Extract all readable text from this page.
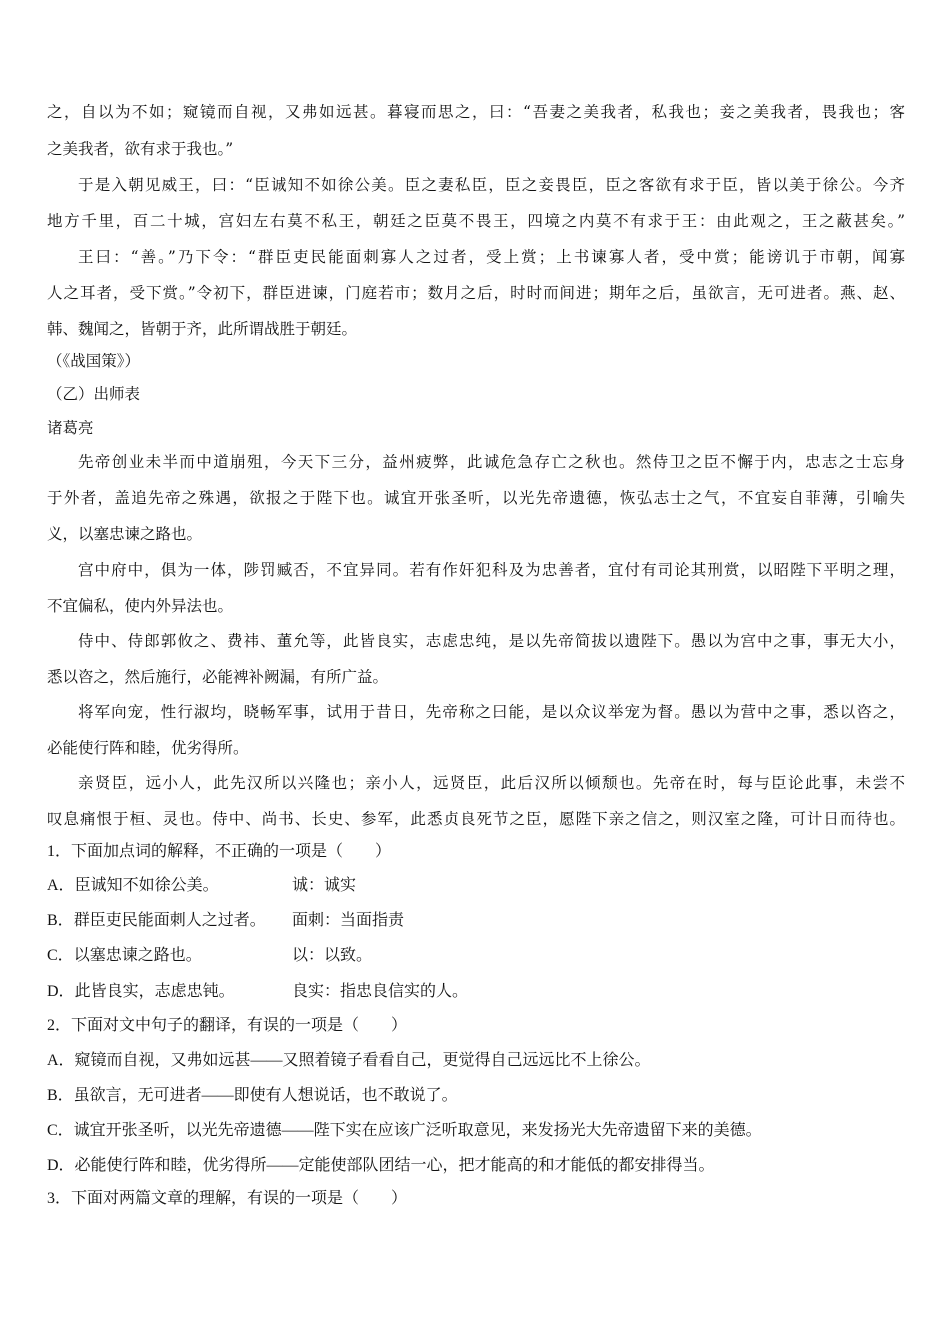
之，自以为不如；窥镜而自视，又弗如远甚。暮寝而思之，曰：“吾妻之美我者，私我也；妾之美我者，畏我也；客
之美我者，欲有求于我也。”
于是入朝见威王，曰：“臣诚知不如徐公美。臣之妻私臣，臣之妾畏臣，臣之客欲有求于臣，皆以美于徐公。今齐
地方千里，百二十城，宫妇左右莫不私王，朝廷之臣莫不畏王，四境之内莫不有求于王：由此观之，王之蔽甚矣。”
王曰：“善。”乃下令：“群臣吏民能面刺寡人之过者，受上赏；上书谏寡人者，受中赏；能谤讥于市朝，闻寡
人之耳者，受下赏。”令初下，群臣进谏，门庭若市；数月之后，时时而间进；期年之后，虽欲言，无可进者。燕、赵、
韩、魏闻之，皆朝于齐，此所谓战胜于朝廷。
（《战国策》）
（乙）出师表
诸葛亮
先帝创业未半而中道崩殂，今天下三分，益州疲弊，此诚危急存亡之秋也。然侍卫之臣不懈于内，忠志之士忘身
于外者，盖追先帝之殊遇，欲报之于陛下也。诚宜开张圣听，以光先帝遗德，恢弘志士之气，不宜妄自菲薄，引喻失
义，以塞忠谏之路也。
宫中府中，俱为一体，陟罚臧否，不宜异同。若有作奸犯科及为忠善者，宜付有司论其刑赏，以昭陛下平明之理，
不宜偏私，使内外异法也。
侍中、侍郎郭攸之、费祎、董允等，此皆良实，志虑忠纯，是以先帝简拔以遗陛下。愚以为宫中之事，事无大小，
悉以咨之，然后施行，必能裨补阙漏，有所广益。
将军向宠，性行淑均，晓畅军事，试用于昔日，先帝称之曰能，是以众议举宠为督。愚以为营中之事，悉以咨之，
必能使行阵和睦，优劣得所。
亲贤臣，远小人，此先汉所以兴隆也；亲小人，远贤臣，此后汉所以倾颓也。先帝在时，每与臣论此事，未尝不
叹息痛恨于桓、灵也。侍中、尚书、长史、参军，此悉贞良死节之臣，愿陛下亲之信之，则汉室之隆，可计日而待也。
1．下面加点词的解释，不正确的一项是（　　）
A．臣诚知不如徐公美。	诚：诚实
B．群臣吏民能面刺人之过者。 面刺：当面指责
C．以塞忠谏之路也。	以：以致。
D．此皆良实，志虑忠钝。	良实：指忠良信实的人。
2．下面对文中句子的翻译，有误的一项是（　　）
A．窥镜而自视，又弗如远甚——又照着镜子看看自己，更觉得自己远远比不上徐公。
B．虽欲言，无可进者——即使有人想说话，也不敢说了。
C．诚宜开张圣听，以光先帝遗德——陛下实在应该广泛听取意见，来发扬光大先帝遗留下来的美德。
D．必能使行阵和睦，优劣得所——定能使部队团结一心，把才能高的和才能低的都安排得当。
3．下面对两篇文章的理解，有误的一项是（　　）
